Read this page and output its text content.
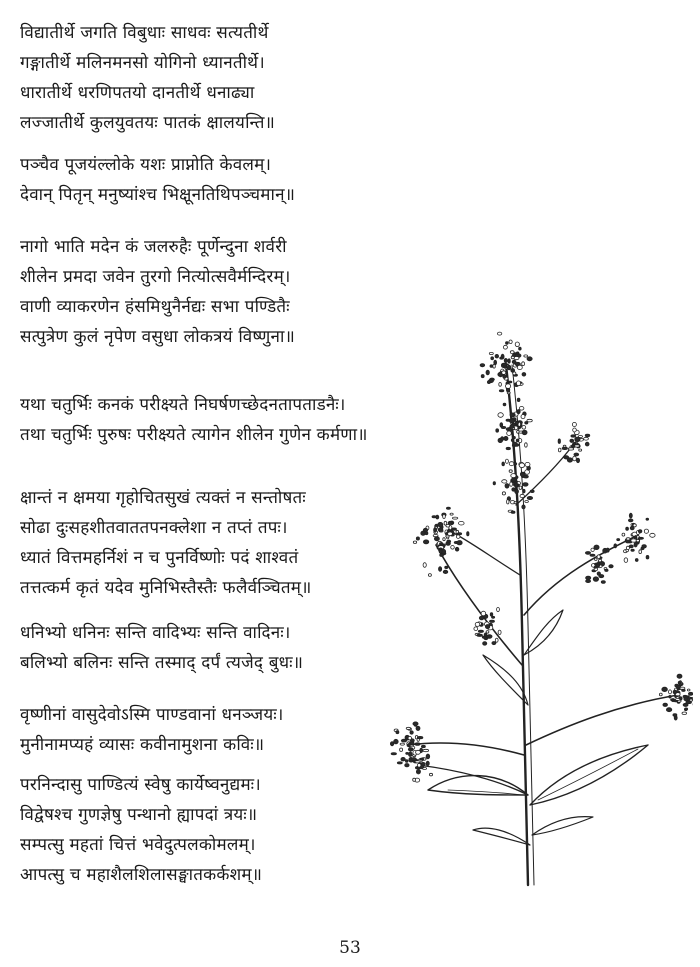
विद्यातीर्थे जगति विबुधाः साधवः सत्यतीर्थे
गङ्गातीर्थे मलिनमनसो योगिनो ध्यानतीर्थे।
धारातीर्थे धरणिपतयो दानतीर्थे धनाढ्या
लज्जातीर्थे कुलयुवतयः पातकं क्षालयन्ति॥
पञ्चैव पूजयंल्लोके यशः प्राप्नोति केवलम्।
देवान् पितृन् मनुष्यांश्च भिक्षूनतिथिपञ्चमान्॥
नागो भाति मदेन कं जलरुहैः पूर्णेन्दुना शर्वरी
शीलेन प्रमदा जवेन तुरगो नित्योत्सवैर्मन्दिरम्।
वाणी व्याकरणेन हंसमिथुनैर्नद्यः सभा पण्डितैः
सत्पुत्रेण कुलं नृपेण वसुधा लोकत्रयं विष्णुना॥
यथा चतुर्भिः कनकं परीक्ष्यते निघर्षणच्छेदनतापताडनैः।
तथा चतुर्भिः पुरुषः परीक्ष्यते त्यागेन शीलेन गुणेन कर्मणा॥
क्षान्तं न क्षमया गृहोचितसुखं त्यक्तं न सन्तोषतः
सोढा दुःसहशीतवाततपनक्लेशा न तप्तं तपः।
ध्यातं वित्तमहर्निशं न च पुनर्विष्णोः पदं शाश्वतं
तत्तत्कर्म कृतं यदेव मुनिभिस्तैस्तैः फलैर्वञ्चितम्॥
धनिभ्यो धनिनः सन्ति वादिभ्यः सन्ति वादिनः।
बलिभ्यो बलिनः सन्ति तस्माद् दर्पं त्यजेद् बुधः॥
वृष्णीनां वासुदेवोऽस्मि पाण्डवानां धनञ्जयः।
मुनीनामप्यहं व्यासः कवीनामुशना कविः॥
परनिन्दासु पाण्डित्यं स्वेषु कार्येष्वनुद्यमः।
विद्वेषश्च गुणज्ञेषु पन्थानो ह्यापदां त्रयः॥
सम्पत्सु महतां चित्तं भवेदुत्पलकोमलम्।
आपत्सु च महाशैलशिलासङ्घातकर्कशम्॥
53
